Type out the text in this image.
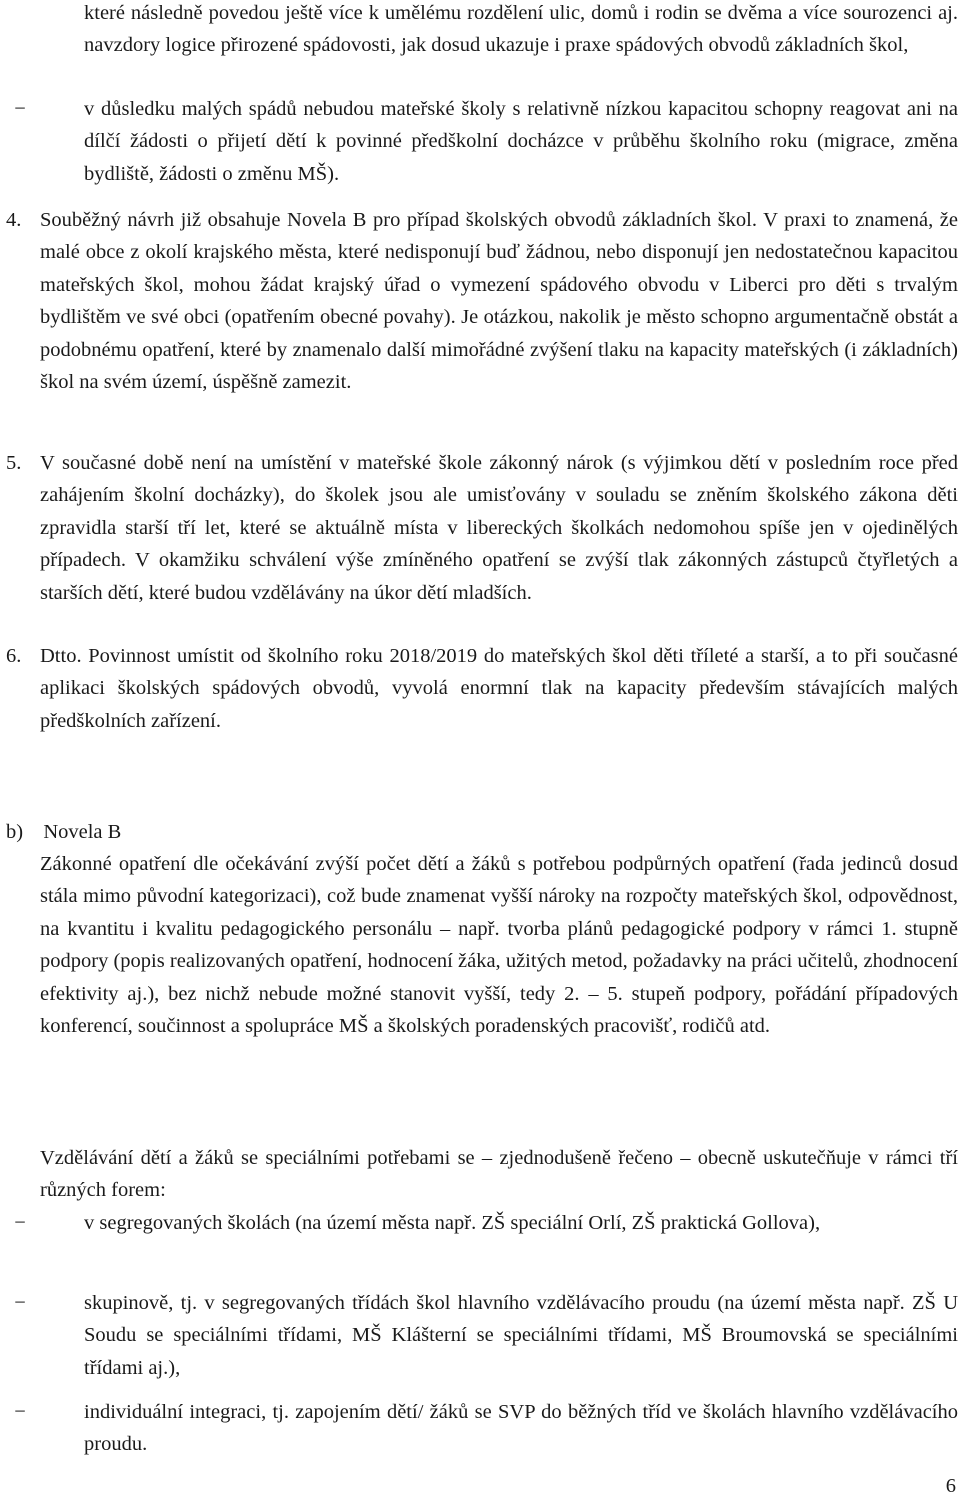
které následně povedou ještě více k umělému rozdělení ulic, domů i rodin se dvěma a více sourozenci aj. navzdory logice přirozené spádovosti, jak dosud ukazuje i praxe spádových obvodů základních škol,
−	v důsledku malých spádů nebudou mateřské školy s relativně nízkou kapacitou schopny reagovat ani na dílčí žádosti o přijetí dětí k povinné předškolní docházce v průběhu školního roku (migrace, změna bydliště, žádosti o změnu MŠ).
4. Souběžný návrh již obsahuje Novela B pro případ školských obvodů základních škol. V praxi to znamená, že malé obce z okolí krajského města, které nedisponují buď žádnou, nebo disponují jen nedostatečnou kapacitou mateřských škol, mohou žádat krajský úřad o vymezení spádového obvodu v Liberci pro děti s trvalým bydlištěm ve své obci (opatřením obecné povahy). Je otázkou, nakolik je město schopno argumentačně obstát a podobnému opatření, které by znamenalo další mimořádné zvýšení tlaku na kapacity mateřských (i základních) škol na svém území, úspěšně zamezit.
5. V současné době není na umístění v mateřské škole zákonný nárok (s výjimkou dětí v posledním roce před zahájením školní docházky), do školek jsou ale umisťovány v souladu se zněním školského zákona děti zpravidla starší tří let, které se aktuálně místa v libereckých školkách nedomohou spíše jen v ojedinělých případech. V okamžiku schválení výše zmíněného opatření se zvýší tlak zákonných zástupců čtyřletých a starších dětí, které budou vzdělávány na úkor dětí mladších.
6. Dtto. Povinnost umístit od školního roku 2018/2019 do mateřských škol děti tříleté a starší, a to při současné aplikaci školských spádových obvodů, vyvolá enormní tlak na kapacity především stávajících malých předškolních zařízení.
b) Novela B
Zákonné opatření dle očekávání zvýší počet dětí a žáků s potřebou podpůrných opatření (řada jedinců dosud stála mimo původní kategorizaci), což bude znamenat vyšší nároky na rozpočty mateřských škol, odpovědnost, na kvantitu i kvalitu pedagogického personálu – např. tvorba plánů pedagogické podpory v rámci 1. stupně podpory (popis realizovaných opatření, hodnocení žáka, užitých metod, požadavky na práci učitelů, zhodnocení efektivity aj.), bez nichž nebude možné stanovit vyšší, tedy 2. – 5. stupeň podpory, pořádání případových konferencí, součinnost a spolupráce MŠ a školských poradenských pracovišť, rodičů atd.
Vzdělávání dětí a žáků se speciálními potřebami se – zjednodušeně řečeno – obecně uskutečňuje v rámci tří různých forem:
−	v segregovaných školách (na území města např. ZŠ speciální Orlí, ZŠ praktická Gollova),
−	skupinově, tj. v segregovaných třídách škol hlavního vzdělávacího proudu (na území města např. ZŠ U Soudu se speciálními třídami, MŠ Klášterní se speciálními třídami, MŠ Broumovská se speciálními třídami aj.),
−	individuální integraci, tj. zapojením dětí/ žáků se SVP do běžných tříd ve školách hlavního vzdělávacího proudu.
6
